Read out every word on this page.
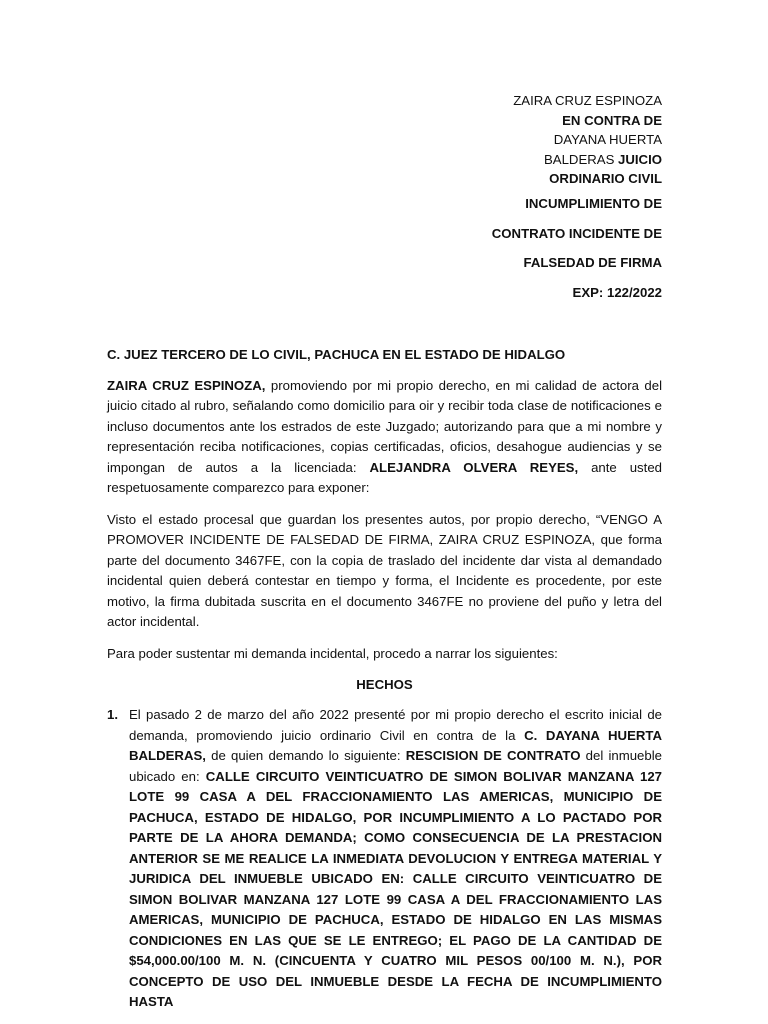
ZAIRA CRUZ ESPINOZA
EN CONTRA DE
DAYANA HUERTA
BALDERAS JUICIO
ORDINARIO CIVIL
INCUMPLIMIENTO DE
CONTRATO INCIDENTE DE
FALSEDAD DE FIRMA
EXP: 122/2022

C. JUEZ TERCERO DE LO CIVIL, PACHUCA EN EL ESTADO DE HIDALGO

ZAIRA CRUZ ESPINOZA, promoviendo por mi propio derecho, en mi calidad de actora del juicio citado al rubro, señalando como domicilio para oir y recibir toda clase de notificaciones e incluso documentos ante los estrados de este Juzgado; autorizando para que a mi nombre y representación reciba notificaciones, copias certificadas, oficios, desahogue audiencias y se impongan de autos a la licenciada: ALEJANDRA OLVERA REYES, ante usted respetuosamente comparezco para exponer:

Visto el estado procesal que guardan los presentes autos, por propio derecho, “VENGO A PROMOVER INCIDENTE DE FALSEDAD DE FIRMA, ZAIRA CRUZ ESPINOZA, que forma parte del documento 3467FE, con la copia de traslado del incidente dar vista al demandado incidental quien deberá contestar en tiempo y forma, el Incidente es procedente, por este motivo, la firma dubitada suscrita en el documento 3467FE no proviene del puño y letra del actor incidental.

Para poder sustentar mi demanda incidental, procedo a narrar los siguientes:

HECHOS
1. El pasado 2 de marzo del año 2022 presenté por mi propio derecho el escrito inicial de demanda, promoviendo juicio ordinario Civil en contra de la C. DAYANA HUERTA BALDERAS, de quien demando lo siguiente: RESCISION DE CONTRATO del inmueble ubicado en: CALLE CIRCUITO VEINTICUATRO DE SIMON BOLIVAR MANZANA 127 LOTE 99 CASA A DEL FRACCIONAMIENTO LAS AMERICAS, MUNICIPIO DE PACHUCA, ESTADO DE HIDALGO, POR INCUMPLIMIENTO A LO PACTADO POR PARTE DE LA AHORA DEMANDA; COMO CONSECUENCIA DE LA PRESTACION ANTERIOR SE ME REALICE LA INMEDIATA DEVOLUCION Y ENTREGA MATERIAL Y JURIDICA DEL INMUEBLE UBICADO EN: CALLE CIRCUITO VEINTICUATRO DE SIMON BOLIVAR MANZANA 127 LOTE 99 CASA A DEL FRACCIONAMIENTO LAS AMERICAS, MUNICIPIO DE PACHUCA, ESTADO DE HIDALGO EN LAS MISMAS CONDICIONES EN LAS QUE SE LE ENTREGO; EL PAGO DE LA CANTIDAD DE $54,000.00/100 M. N. (CINCUENTA Y CUATRO MIL PESOS 00/100 M. N.), POR CONCEPTO DE USO DEL INMUEBLE DESDE LA FECHA DE INCUMPLIMIENTO HASTA
